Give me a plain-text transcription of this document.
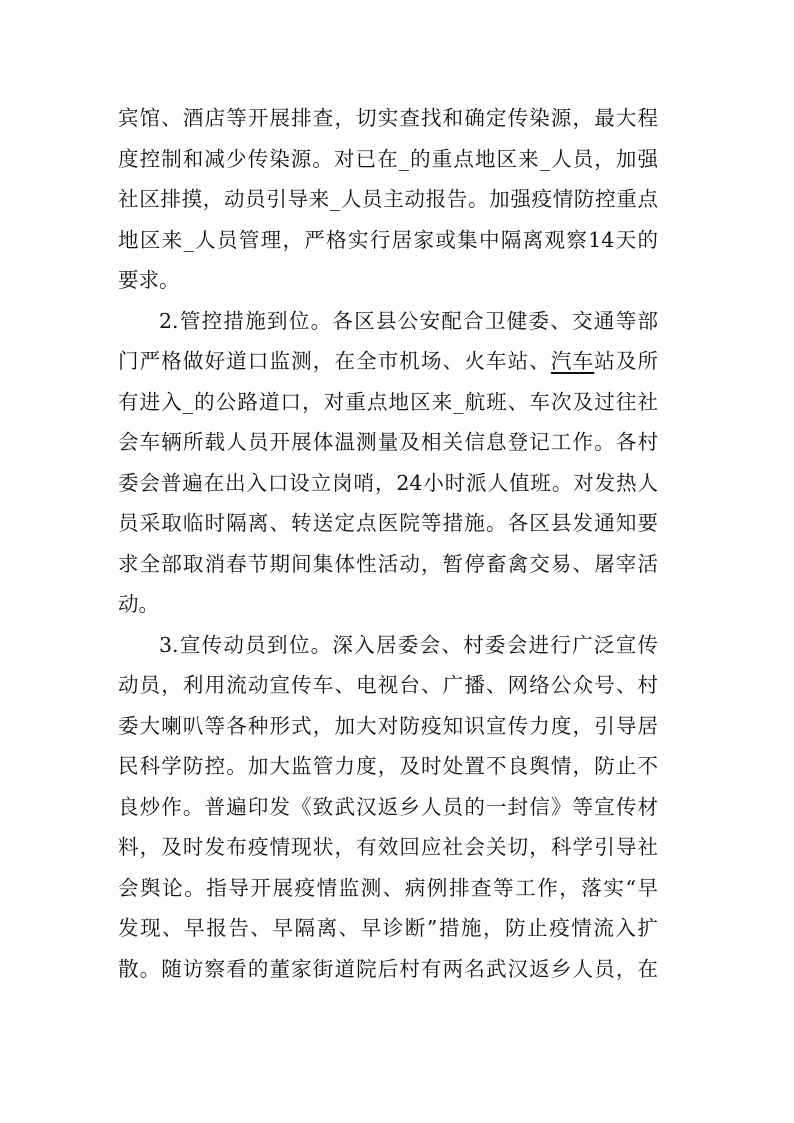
宾馆、酒店等开展排查，切实查找和确定传染源，最大程
度控制和减少传染源。对已在_的重点地区来_人员，加强
社区排摸，动员引导来_人员主动报告。加强疫情防控重点
地区来_人员管理，严格实行居家或集中隔离观察14天的
要求。
2.管控措施到位。各区县公安配合卫健委、交通等部
门严格做好道口监测，在全市机场、火车站、汽车站及所
有进入_的公路道口，对重点地区来_航班、车次及过往社
会车辆所载人员开展体温测量及相关信息登记工作。各村
委会普遍在出入口设立岗哨，24小时派人值班。对发热人
员采取临时隔离、转送定点医院等措施。各区县发通知要
求全部取消春节期间集体性活动，暂停畜禽交易、屠宰活
动。
3.宣传动员到位。深入居委会、村委会进行广泛宣传
动员，利用流动宣传车、电视台、广播、网络公众号、村
委大喇叭等各种形式，加大对防疫知识宣传力度，引导居
民科学防控。加大监管力度，及时处置不良舆情，防止不
良炒作。普遍印发《致武汉返乡人员的一封信》等宣传材
料，及时发布疫情现状，有效回应社会关切，科学引导社
会舆论。指导开展疫情监测、病例排查等工作，落实“早
发现、早报告、早隔离、早诊断”措施，防止疫情流入扩
散。随访察看的董家街道院后村有两名武汉返乡人员，在
